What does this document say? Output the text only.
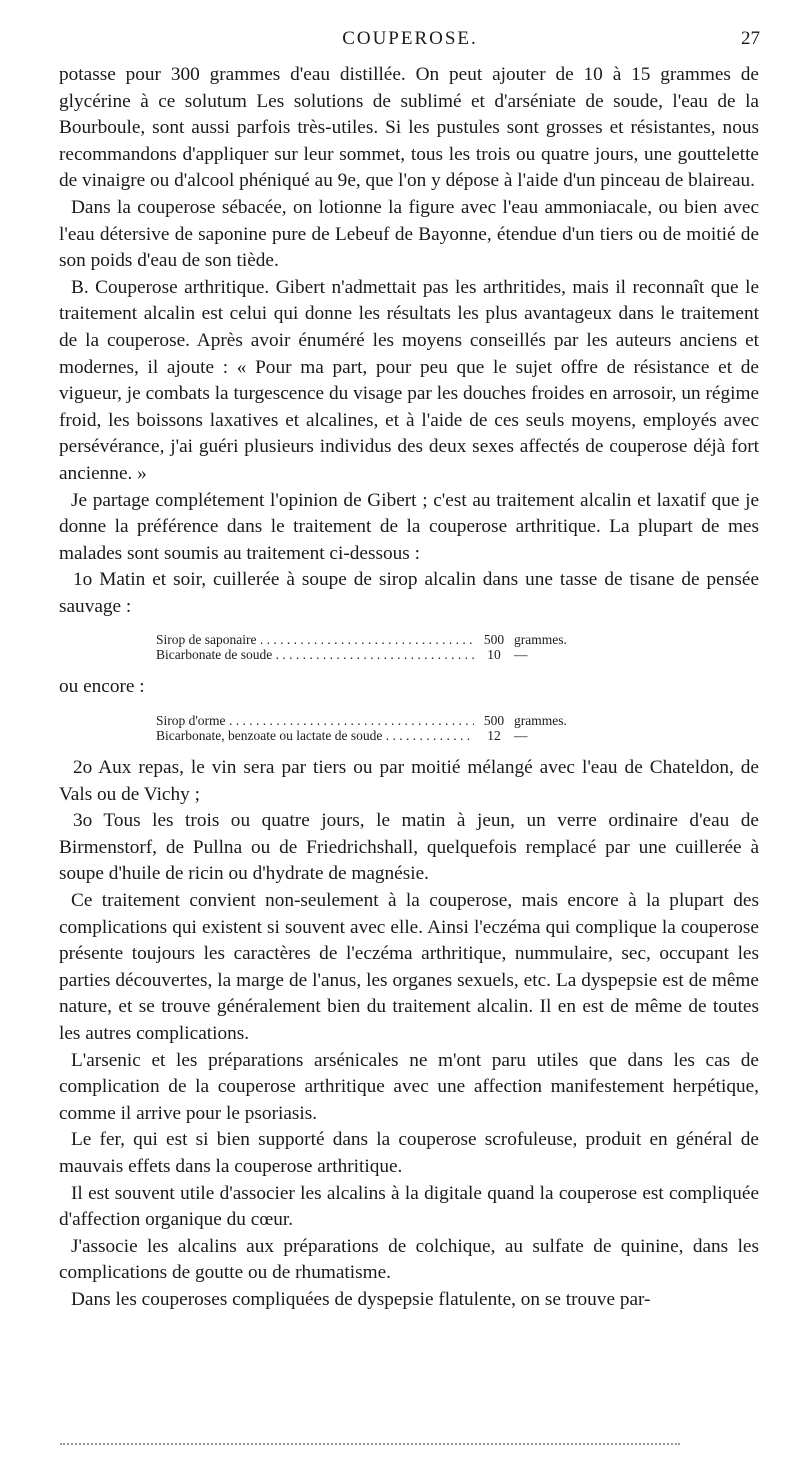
COUPEROSE.	27

potasse pour 300 grammes d'eau distillée. On peut ajouter de 10 à 15 grammes de glycérine à ce solutum Les solutions de sublimé et d'arséniate de soude, l'eau de la Bourboule, sont aussi parfois très-utiles. Si les pustules sont grosses et résistantes, nous recommandons d'appliquer sur leur sommet, tous les trois ou quatre jours, une gouttelette de vinaigre ou d'alcool phéniqué au 9e, que l'on y dépose à l'aide d'un pinceau de blaireau.

Dans la couperose sébacée, on lotionne la figure avec l'eau ammoniacale, ou bien avec l'eau détersive de saponine pure de Lebeuf de Bayonne, étendue d'un tiers ou de moitié de son poids d'eau de son tiède.

B. Couperose arthritique. Gibert n'admettait pas les arthritides, mais il reconnaît que le traitement alcalin est celui qui donne les résultats les plus avantageux dans le traitement de la couperose. Après avoir énuméré les moyens conseillés par les auteurs anciens et modernes, il ajoute : « Pour ma part, pour peu que le sujet offre de résistance et de vigueur, je combats la turgescence du visage par les douches froides en arrosoir, un régime froid, les boissons laxatives et alcalines, et à l'aide de ces seuls moyens, employés avec persévérance, j'ai guéri plusieurs individus des deux sexes affectés de couperose déjà fort ancienne. »

Je partage complétement l'opinion de Gibert ; c'est au traitement alcalin et laxatif que je donne la préférence dans le traitement de la couperose arthritique. La plupart de mes malades sont soumis au traitement ci-dessous :

1o Matin et soir, cuillerée à soupe de sirop alcalin dans une tasse de tisane de pensée sauvage :

Sirop de saponaire . . .	500 grammes.
Bicarbonate de soude . . .	10 —

ou encore :

Sirop d'orme . . .	500 grammes.
Bicarbonate, benzoate ou lactate de soude . . .	12 —

2o Aux repas, le vin sera par tiers ou par moitié mélangé avec l'eau de Chateldon, de Vals ou de Vichy ;

3o Tous les trois ou quatre jours, le matin à jeun, un verre ordinaire d'eau de Birmenstorf, de Pullna ou de Friedrichshall, quelquefois remplacé par une cuillerée à soupe d'huile de ricin ou d'hydrate de magnésie.

Ce traitement convient non-seulement à la couperose, mais encore à la plupart des complications qui existent si souvent avec elle. Ainsi l'eczéma qui complique la couperose présente toujours les caractères de l'eczéma arthritique, nummulaire, sec, occupant les parties découvertes, la marge de l'anus, les organes sexuels, etc. La dyspepsie est de même nature, et se trouve généralement bien du traitement alcalin. Il en est de même de toutes les autres complications.

L'arsenic et les préparations arsénicales ne m'ont paru utiles que dans les cas de complication de la couperose arthritique avec une affection manifestement herpétique, comme il arrive pour le psoriasis.

Le fer, qui est si bien supporté dans la couperose scrofuleuse, produit en général de mauvais effets dans la couperose arthritique.

Il est souvent utile d'associer les alcalins à la digitale quand la couperose est compliquée d'affection organique du cœur.

J'associe les alcalins aux préparations de colchique, au sulfate de quinine, dans les complications de goutte ou de rhumatisme.

Dans les couperoses compliquées de dyspepsie flatulente, on se trouve par-
